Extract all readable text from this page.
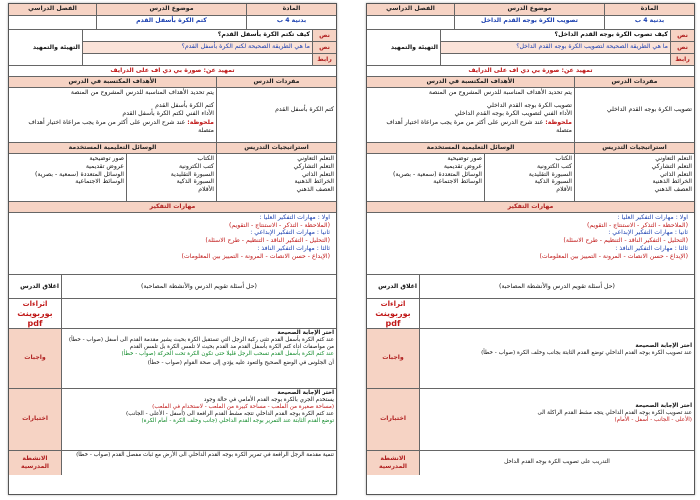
المادة
موضوع الدرس
الفصل الدراسي
بدنية 4 ب
كتم الكرة بأسفل القدم
نص
نص
رابط
كيف تكتم الكرة بأسفل القدم؟
ما هي الطريقة الصحيحة لكتم الكرة بأسفل القدم؟
التهيئة والتمهيد
تمهيد عن: صورة بي دي اف على الدرايف
مفردات الدرس
الأهداف المكتسبة في الدرس
كتم الكرة بأسفل القدم
يتم تحديد الأهداف المناسبة للدرس المشروح من المنصة
كتم الكرة بأسفل القدم
الأداء الفني لكتم الكرة بأسفل القدم
ملحوظة: عند شرح الدرس على أكثر من مرة يجب مراعاة اختيار أهداف متصلة
استراتيجيات التدريس
الوسائل التعليمية المستخدمة
التعلم التعاوني
التعلم التشاركي
التعلم الذاتي
الخرائط الذهنية
العصف الذهني
الكتاب
كتب الكترونية
السبورة التقليدية
السبورة الذكية
الأقلام
صور توضيحية
عروض تقديمية
الوسائل المتعددة (سمعية - بصرية)
الوسائط الاجتماعية
مهارات التفكير
اولا : مهارات التفكير العليا :
(الملاحظة - التذكر - الاستنتاج - التقويم)
ثانيا : مهارات التفكير الإبداعي :
(التحليل - التفكير الناقد - التنظيم - طرح الاسئلة)
ثالثا : مهارات التفكير النافذ :
(الإبداع - حسن الانصات - المرونة - التمييز بين المعلومات)
(حل أسئلة تقويم الدرس والأنشطة المصاحبة)
اغلاق الدرس
اثراءات
بوربوينت pdf
اختر الإجابة الصحيحة
عند كتم الكرة بأسفل القدم تثنى ركبة الرجل التي تستقبل الكرة بحيث يشير مقدمة القدم الى أسفل (صواب - خطأ)
من مواصفات اداء كتم الكرة بأسفل القدم مد القدم بحيث لا تلمس الكرة بل تلمس القدم
عند كتم الكرة بأسفل القدم تسحب الرجل قليلا حتى تكون الكرة تحت الحركة (صواب - خطأ)
أن الجلوس في الوضع الصحيح والتعود عليه يؤدي إلى صحة القوام (صواب - خطأ)
واجبات
اختر الإجابة الصحيحة
يستخدم الجري بالكرة بوجه القدم الأمامي في حالة وجود
(مساحة صغيرة من الملعب - مساحة كبيرة من الملعب - لاستخدام في الملعب)
عند كتم الكرة بوجه القدم الداخلي تتجه مشط القدم الرافعة الى (أسفل - الأعلى - الجانب)
توضع القدم الثابتة عند التمرير بوجه القدم الداخلي (جانب وخلف الكرة - أمام الكرة)
اختبارات
تنمية مقدمة الرجل الرافعة في تمرير الكرة بوجه القدم الداخلي الى الأرض مع ثبات مفصل القدم (صواب - خطأ)
الانشطة المدرسية
المادة
موضوع الدرس
الفصل الدراسي
بدنية 4 ب
تصويب الكرة بوجه القدم الداخل
نص
نص
رابط
كيف تصوب الكرة بوجه القدم الداخل؟
ما هي الطريقة الصحيحة لتصويب الكرة بوجه القدم الداخل؟
التهيئة والتمهيد
تمهيد عن: صورة بي دي اف على الدرايف
مفردات الدرس
الأهداف المكتسبة في الدرس
تصويب الكرة بوجه القدم الداخلي
يتم تحديد الأهداف المناسبة للدرس المشروح من المنصة
تصويب الكرة بوجه القدم الداخلي
الأداء الفني لتصويب الكرة بوجه القدم الداخلي
ملحوظة: عند شرح الدرس على أكثر من مرة يجب مراعاة اختيار أهداف متصلة
استراتيجيات التدريس
الوسائل التعليمية المستخدمة
التعلم التعاوني
التعلم التشاركي
التعلم الذاتي
الخرائط الذهنية
العصف الذهني
الكتاب
كتب الكترونية
السبورة التقليدية
السبورة الذكية
الأقلام
صور توضيحية
عروض تقديمية
الوسائل المتعددة (سمعية - بصرية)
الوسائط الاجتماعية
مهارات التفكير
اولا : مهارات التفكير العليا :
(الملاحظة - التذكر - الاستنتاج - التقويم)
ثانيا : مهارات التفكير الإبداعي :
(التحليل - التفكير الناقد - التنظيم - طرح الاسئلة)
ثالثا : مهارات التفكير النافذ :
(الإبداع - حسن الانصات - المرونة - التمييز بين المعلومات)
(حل أسئلة تقويم الدرس والأنشطة المصاحبة)
اغلاق الدرس
اثراءات
بوربوينت pdf
اختر الإجابة الصحيحة
عند تصويب الكرة بوجه القدم الداخلي توضع القدم الثابتة بجانب وخلف الكرة (صواب - خطأ)
واجبات
اختر الإجابة الصحيحة
عند تصويب الكرة بوجه القدم الداخلي يتجه مشط القدم الراكلة الى
(الأعلى - الجانب - أسفل - الأمام)
اختبارات
التدريب على تصويب الكرة بوجه القدم الداخل
الانشطة المدرسية
